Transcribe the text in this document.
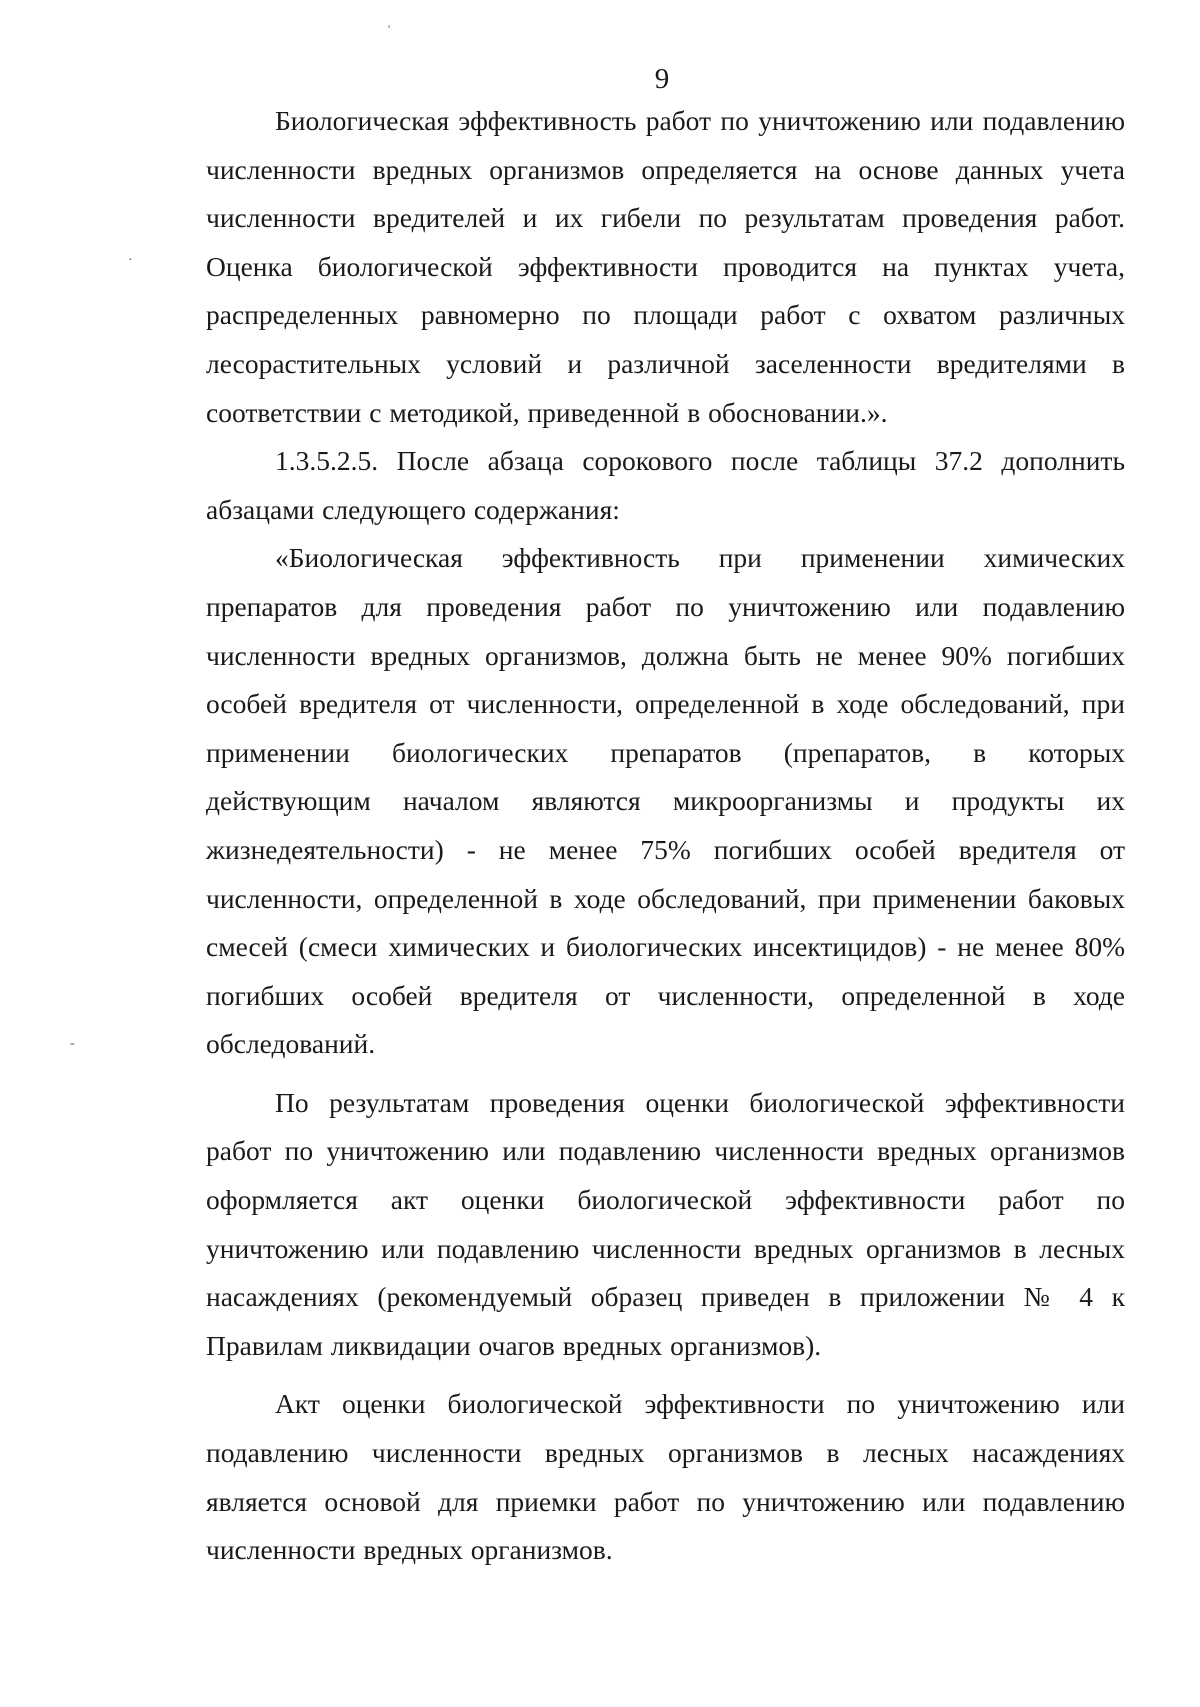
'
·
-
9

Биологическая эффективность работ по уничтожению или подавлению численности вредных организмов определяется на основе данных учета численности вредителей и их гибели по результатам проведения работ. Оценка биологической эффективности проводится на пунктах учета, распределенных равномерно по площади работ с охватом различных лесорастительных условий и различной заселенности вредителями в соответствии с методикой, приведенной в обосновании.».

1.3.5.2.5. После абзаца сорокового после таблицы 37.2 дополнить абзацами следующего содержания:

«Биологическая эффективность при применении химических препаратов для проведения работ по уничтожению или подавлению численности вредных организмов, должна быть не менее 90% погибших особей вредителя от численности, определенной в ходе обследований, при применении биологических препаратов (препаратов, в которых действующим началом являются микроорганизмы и продукты их жизнедеятельности) - не менее 75% погибших особей вредителя от численности, определенной в ходе обследований, при применении баковых смесей (смеси химических и биологических инсектицидов) - не менее 80% погибших особей вредителя от численности, определенной в ходе обследований.

По результатам проведения оценки биологической эффективности работ по уничтожению или подавлению численности вредных организмов оформляется акт оценки биологической эффективности работ по уничтожению или подавлению численности вредных организмов в лесных насаждениях (рекомендуемый образец приведен в приложении № 4 к Правилам ликвидации очагов вредных организмов).

Акт оценки биологической эффективности по уничтожению или подавлению численности вредных организмов в лесных насаждениях является основой для приемки работ по уничтожению или подавлению численности вредных организмов.
